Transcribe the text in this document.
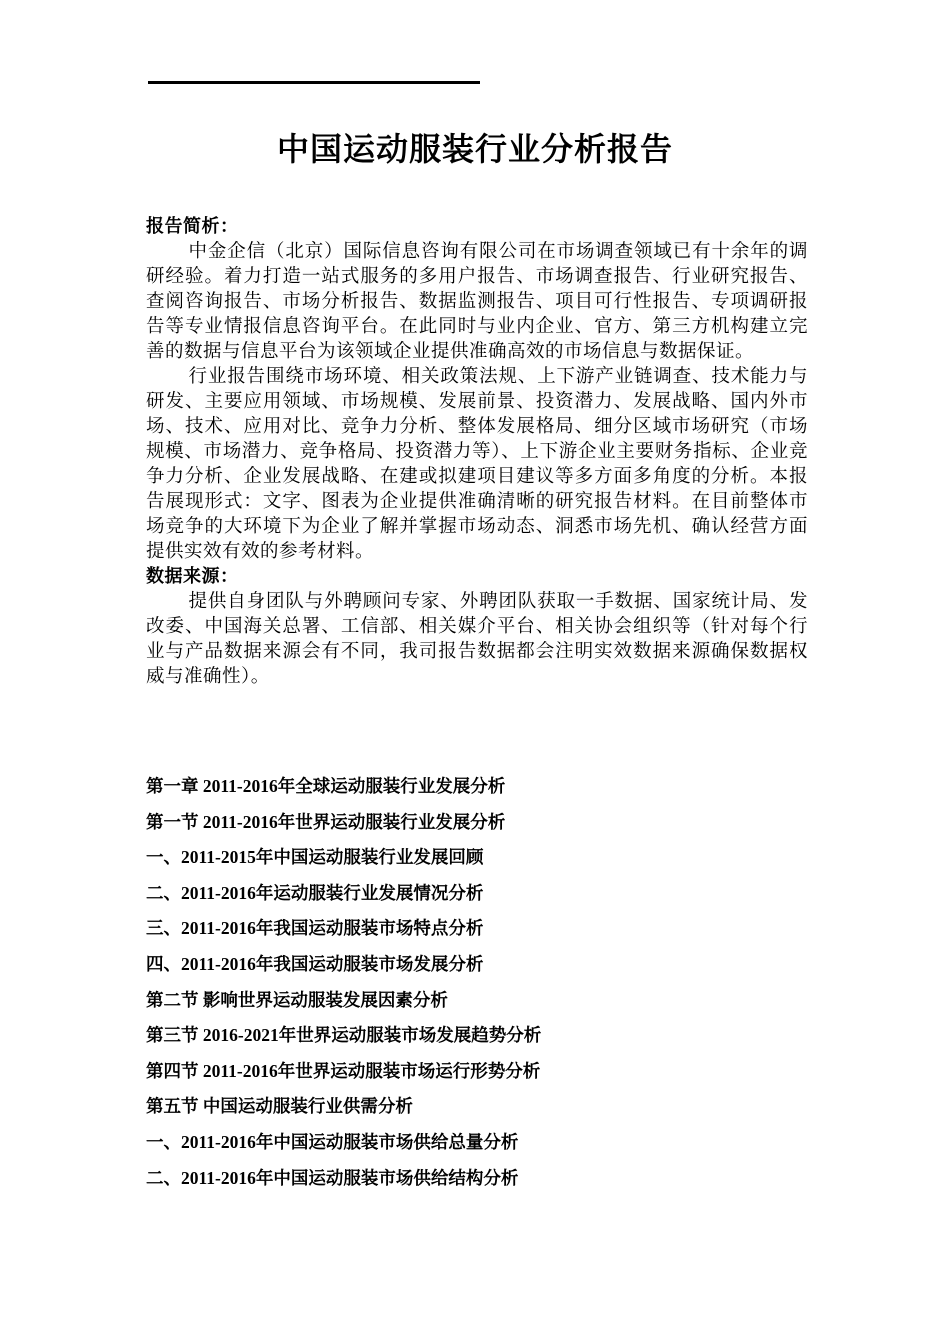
中国运动服装行业分析报告
报告简析：

中金企信（北京）国际信息咨询有限公司在市场调查领域已有十余年的调研经验。着力打造一站式服务的多用户报告、市场调查报告、行业研究报告、查阅咨询报告、市场分析报告、数据监测报告、项目可行性报告、专项调研报告等专业情报信息咨询平台。在此同时与业内企业、官方、第三方机构建立完善的数据与信息平台为该领域企业提供准确高效的市场信息与数据保证。

行业报告围绕市场环境、相关政策法规、上下游产业链调查、技术能力与研发、主要应用领域、市场规模、发展前景、投资潜力、发展战略、国内外市场、技术、应用对比、竞争力分析、整体发展格局、细分区域市场研究（市场规模、市场潜力、竞争格局、投资潜力等）、上下游企业主要财务指标、企业竞争力分析、企业发展战略、在建或拟建项目建议等多方面多角度的分析。本报告展现形式：文字、图表为企业提供准确清晰的研究报告材料。在目前整体市场竞争的大环境下为企业了解并掌握市场动态、洞悉市场先机、确认经营方面提供实效有效的参考材料。

数据来源：

提供自身团队与外聘顾问专家、外聘团队获取一手数据、国家统计局、发改委、中国海关总署、工信部、相关媒介平台、相关协会组织等（针对每个行业与产品数据来源会有不同，我司报告数据都会注明实效数据来源确保数据权威与准确性）。

第一章 2011-2016年全球运动服装行业发展分析
第一节 2011-2016年世界运动服装行业发展分析
一、2011-2015年中国运动服装行业发展回顾
二、2011-2016年运动服装行业发展情况分析
三、2011-2016年我国运动服装市场特点分析
四、2011-2016年我国运动服装市场发展分析
第二节 影响世界运动服装发展因素分析
第三节 2016-2021年世界运动服装市场发展趋势分析
第四节 2011-2016年世界运动服装市场运行形势分析
第五节 中国运动服装行业供需分析
一、2011-2016年中国运动服装市场供给总量分析
二、2011-2016年中国运动服装市场供给结构分析
